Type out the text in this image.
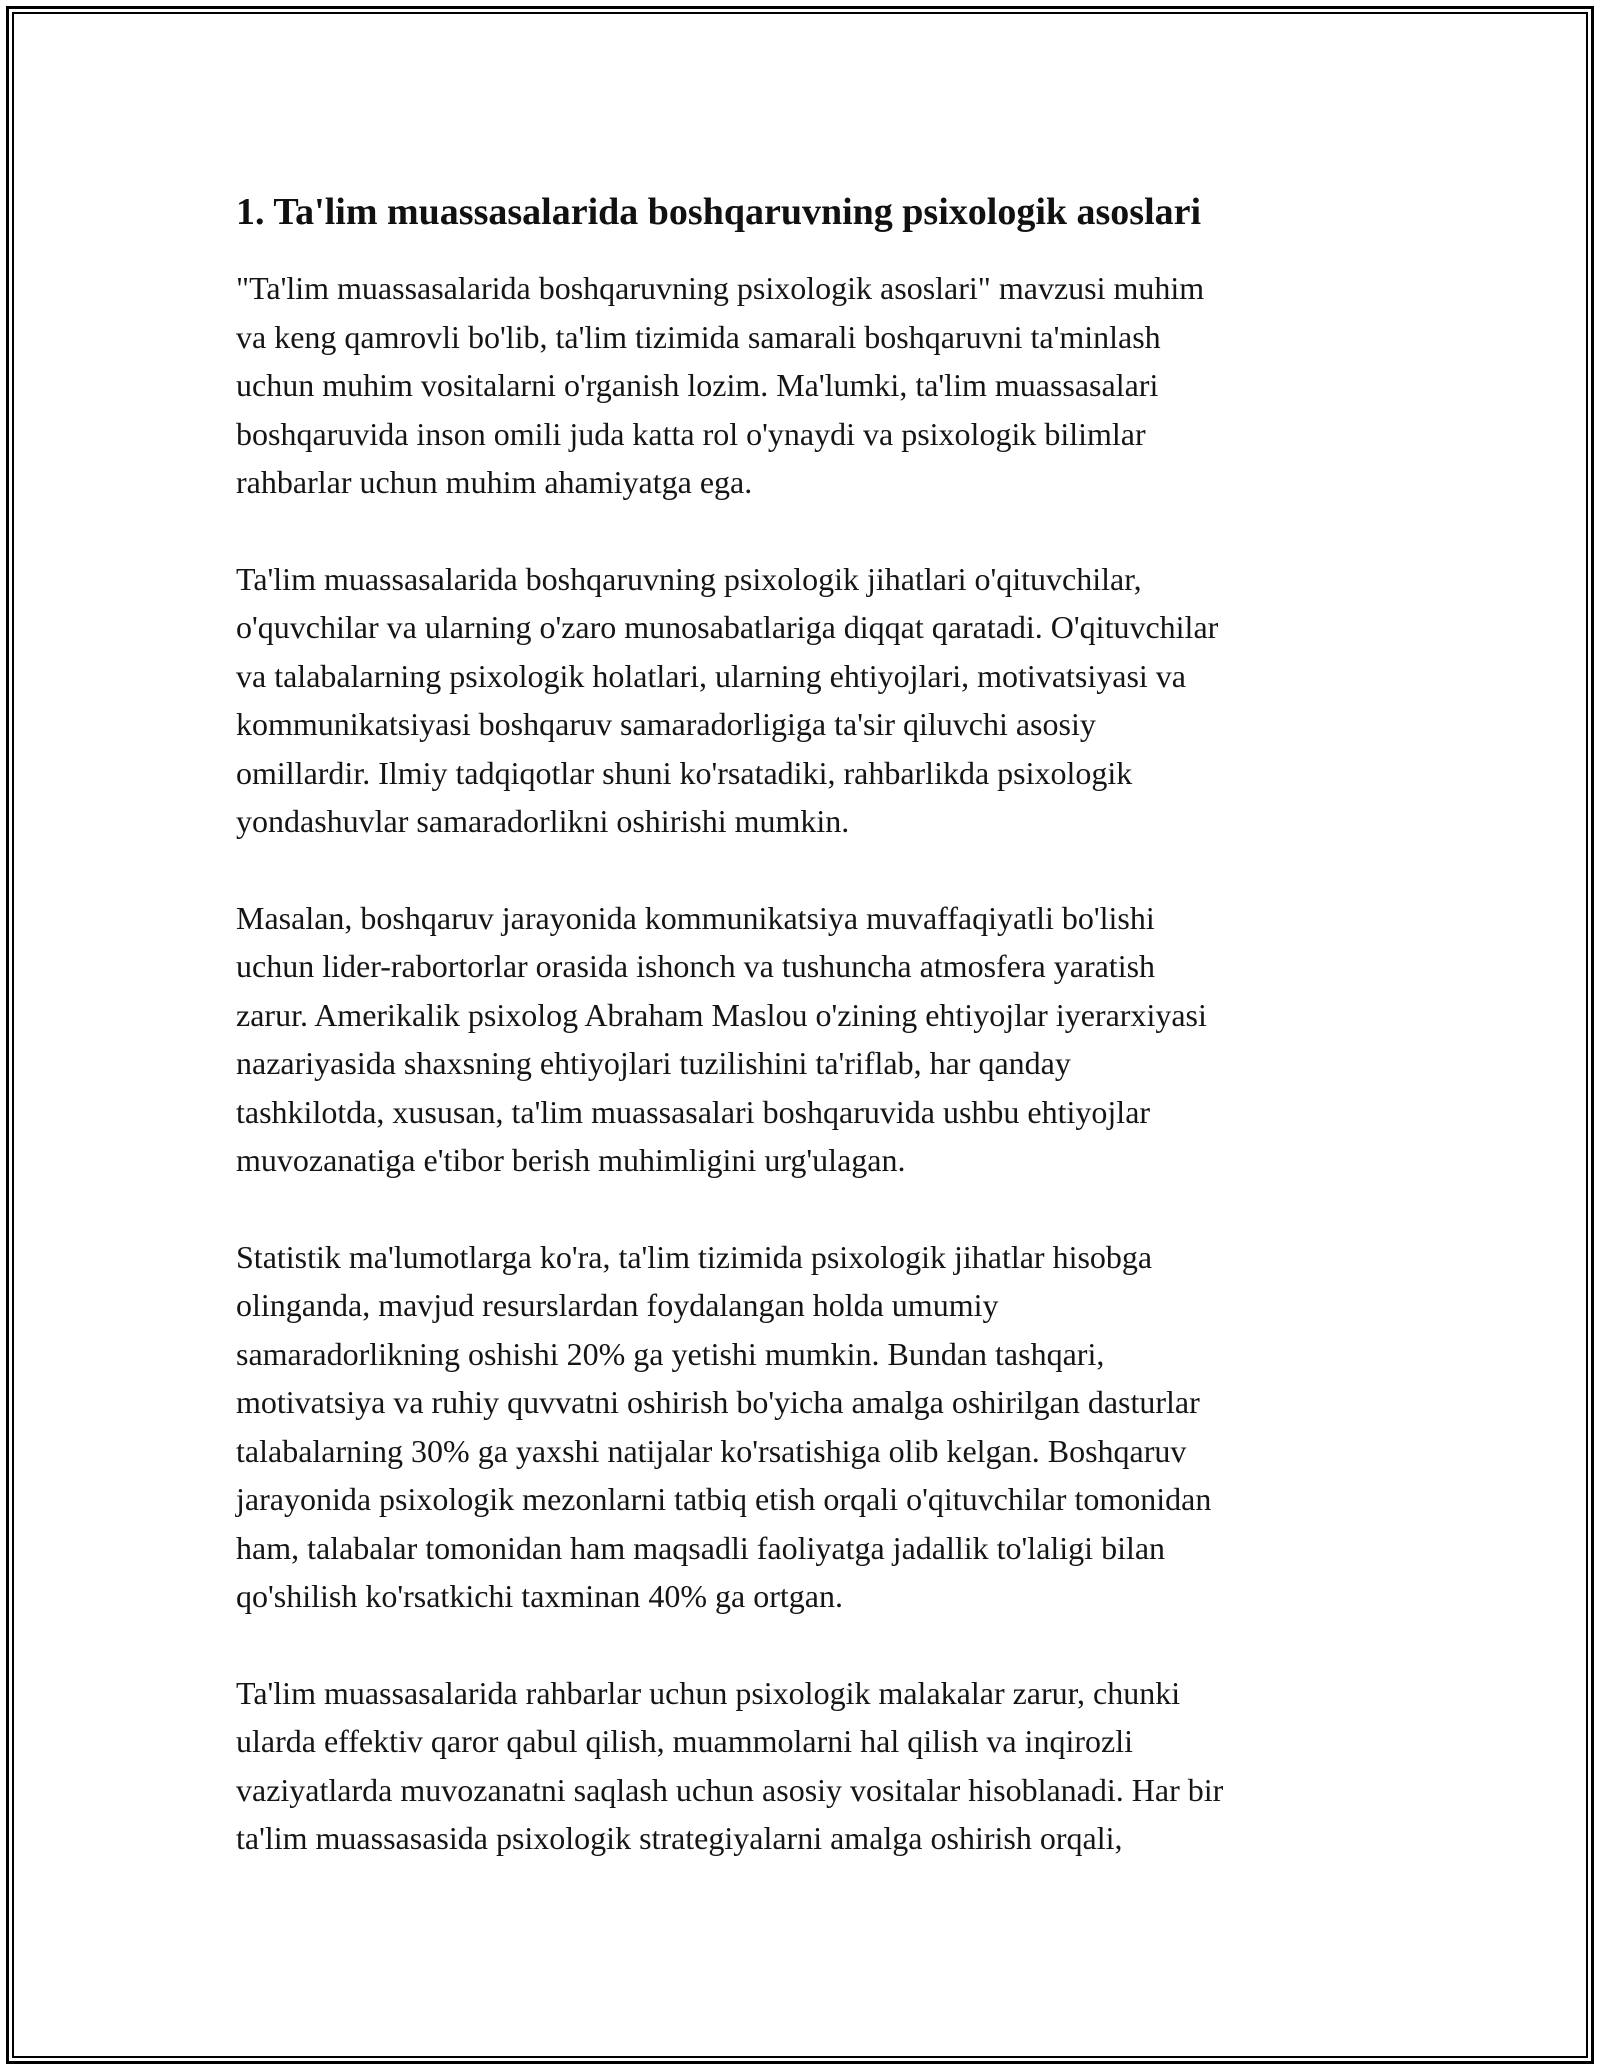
1. Ta'lim muassasalarida boshqaruvning psixologik asoslari

"Ta'lim muassasalarida boshqaruvning psixologik asoslari" mavzusi muhim
va keng qamrovli bo'lib, ta'lim tizimida samarali boshqaruvni ta'minlash
uchun muhim vositalarni o'rganish lozim. Ma'lumki, ta'lim muassasalari
boshqaruvida inson omili juda katta rol o'ynaydi va psixologik bilimlar
rahbarlar uchun muhim ahamiyatga ega.

Ta'lim muassasalarida boshqaruvning psixologik jihatlari o'qituvchilar,
o'quvchilar va ularning o'zaro munosabatlariga diqqat qaratadi. O'qituvchilar
va talabalarning psixologik holatlari, ularning ehtiyojlari, motivatsiyasi va
kommunikatsiyasi boshqaruv samaradorligiga ta'sir qiluvchi asosiy
omillardir. Ilmiy tadqiqotlar shuni ko'rsatadiki, rahbarlikda psixologik
yondashuvlar samaradorlikni oshirishi mumkin.

Masalan, boshqaruv jarayonida kommunikatsiya muvaffaqiyatli bo'lishi
uchun lider-rabortorlar orasida ishonch va tushuncha atmosfera yaratish
zarur. Amerikalik psixolog Abraham Maslou o'zining ehtiyojlar iyerarxiyasi
nazariyasida shaxsning ehtiyojlari tuzilishini ta'riflab, har qanday
tashkilotda, xususan, ta'lim muassasalari boshqaruvida ushbu ehtiyojlar
muvozanatiga e'tibor berish muhimligini urg'ulagan.

Statistik ma'lumotlarga ko'ra, ta'lim tizimida psixologik jihatlar hisobga
olinganda, mavjud resurslardan foydalangan holda umumiy
samaradorlikning oshishi 20% ga yetishi mumkin. Bundan tashqari,
motivatsiya va ruhiy quvvatni oshirish bo'yicha amalga oshirilgan dasturlar
talabalarning 30% ga yaxshi natijalar ko'rsatishiga olib kelgan. Boshqaruv
jarayonida psixologik mezonlarni tatbiq etish orqali o'qituvchilar tomonidan
ham, talabalar tomonidan ham maqsadli faoliyatga jadallik to'laligi bilan
qo'shilish ko'rsatkichi taxminan 40% ga ortgan.

Ta'lim muassasalarida rahbarlar uchun psixologik malakalar zarur, chunki
ularda effektiv qaror qabul qilish, muammolarni hal qilish va inqirozli
vaziyatlarda muvozanatni saqlash uchun asosiy vositalar hisoblanadi. Har bir
ta'lim muassasasida psixologik strategiyalarni amalga oshirish orqali,
